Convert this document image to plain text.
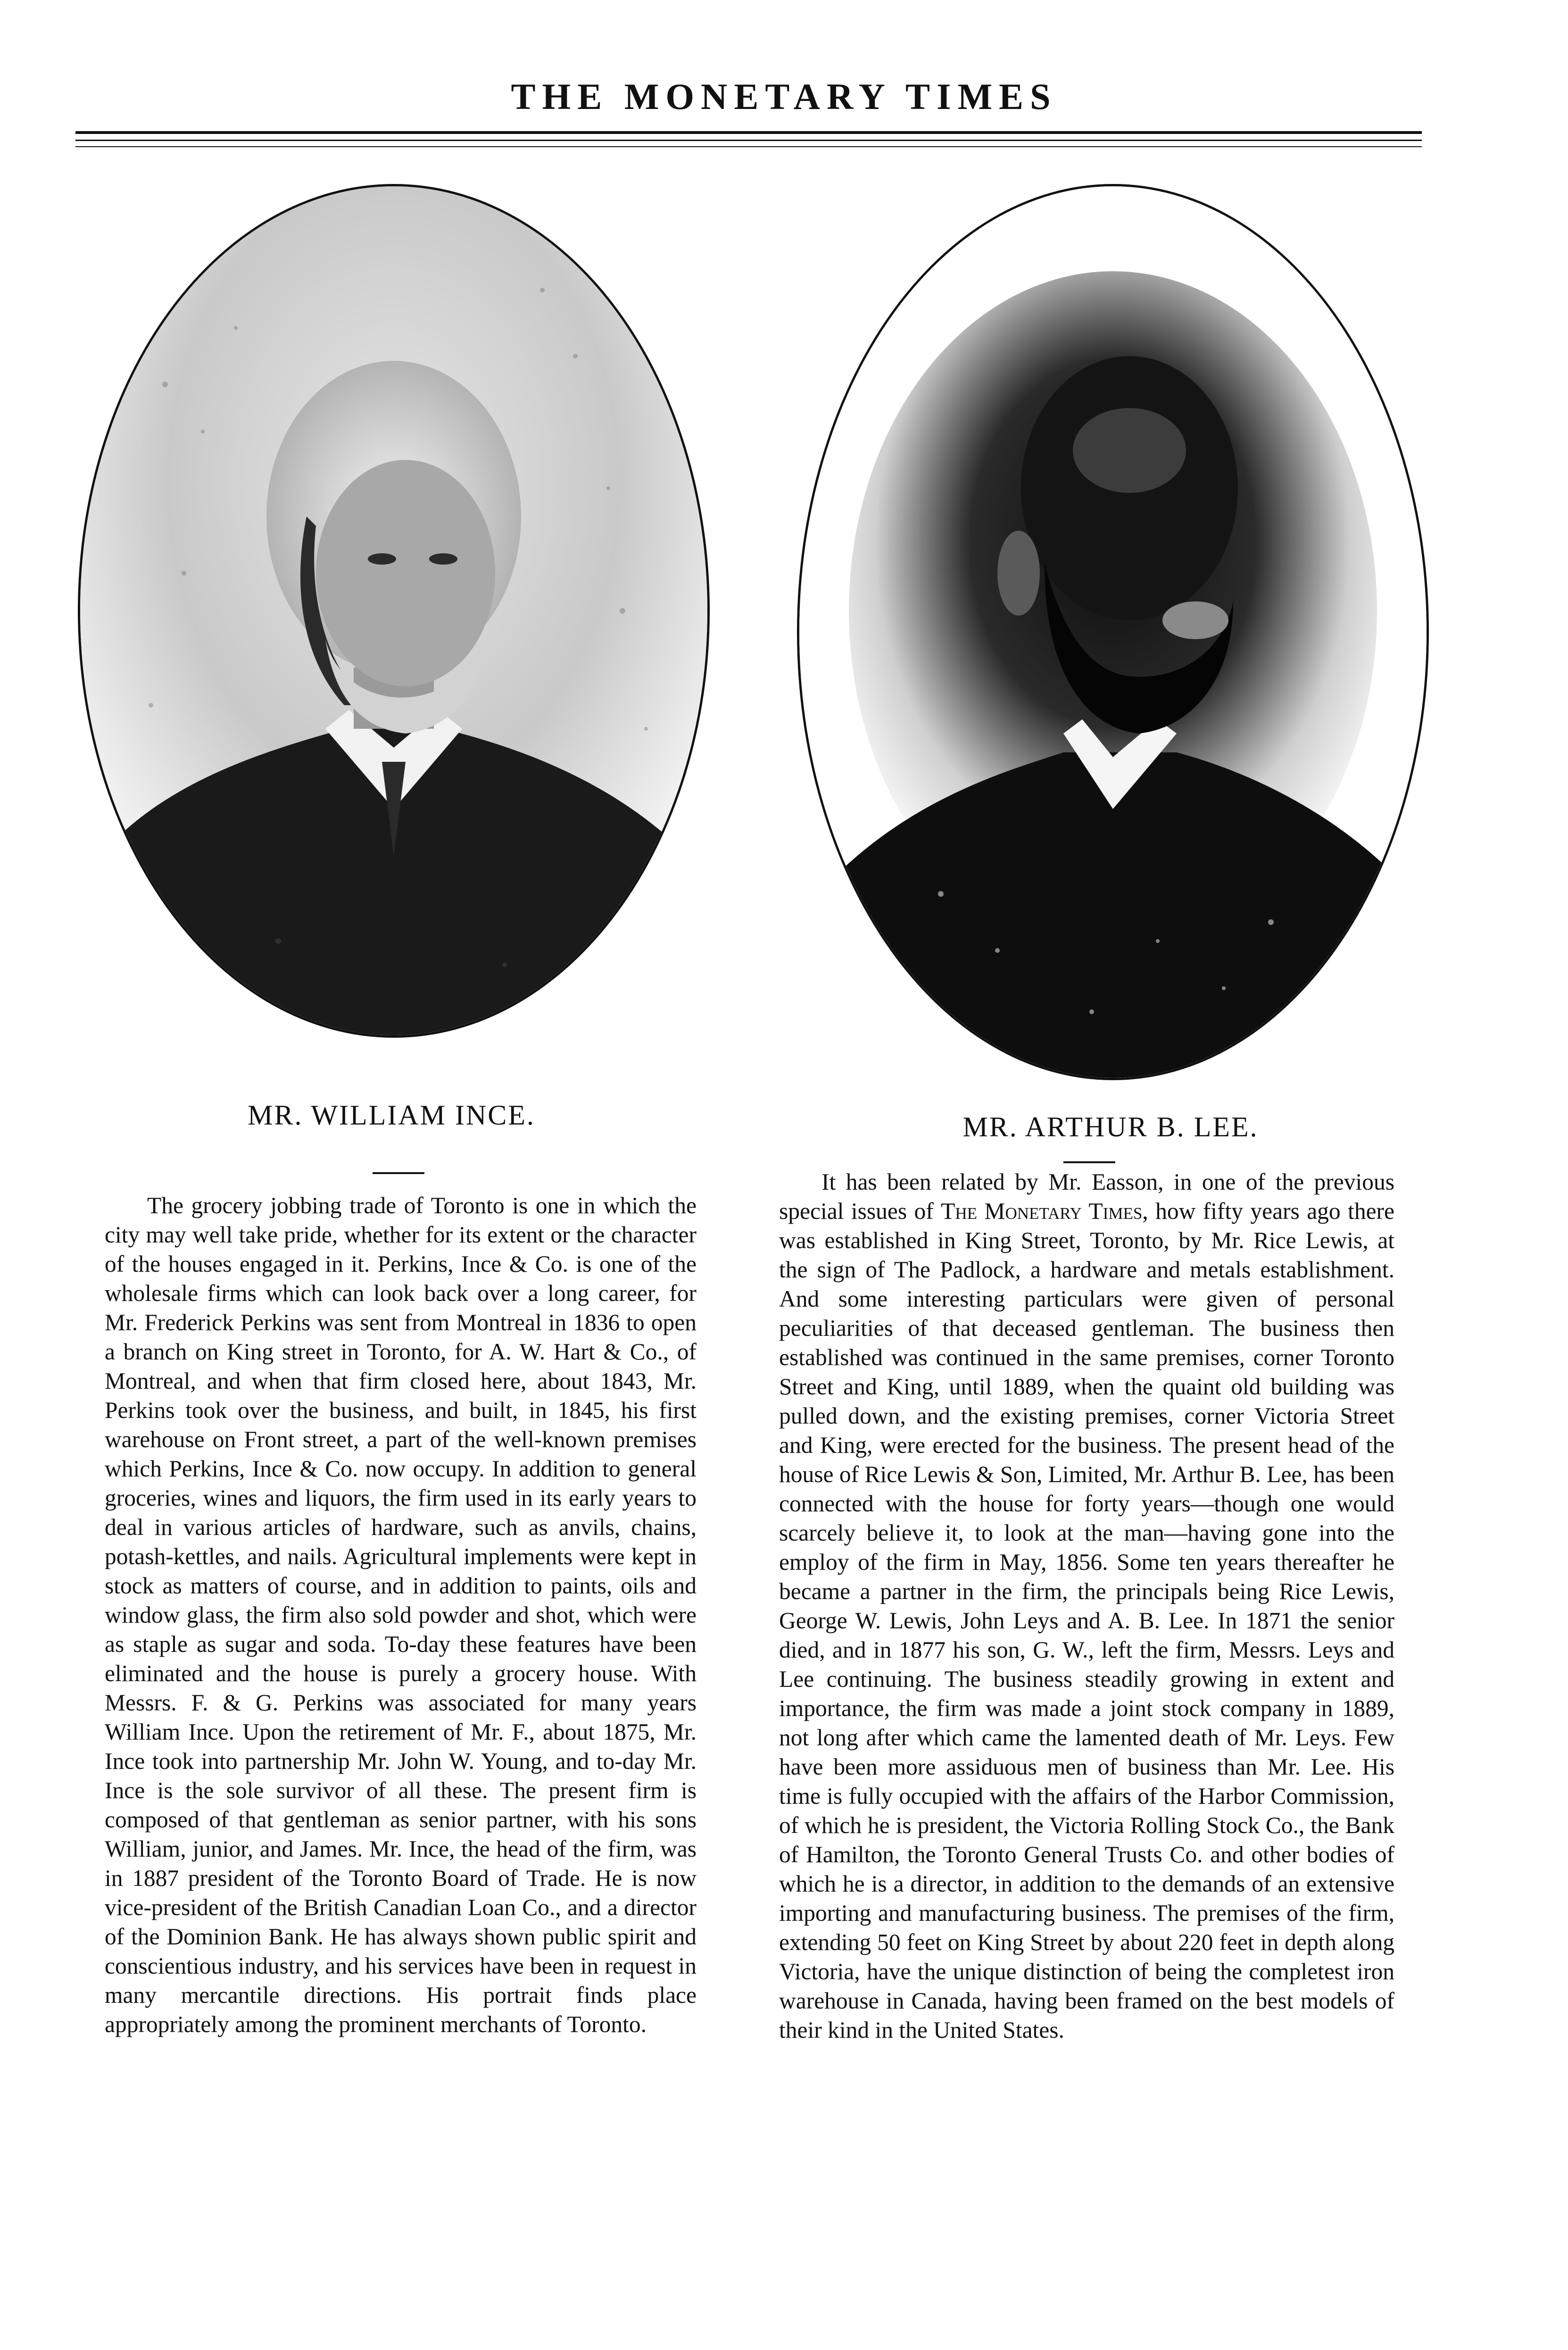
THE MONETARY TIMES
MR. WILLIAM INCE.	MR. ARTHUR B. LEE.

The grocery jobbing trade of Toronto is one in which the city may well take pride, whether for its extent or the character of the houses engaged in it. Perkins, Ince & Co. is one of the wholesale firms which can look back over a long career, for Mr. Frederick Perkins was sent from Montreal in 1836 to open a branch on King street in Toronto, for A. W. Hart & Co., of Montreal, and when that firm closed here, about 1843, Mr. Perkins took over the business, and built, in 1845, his first warehouse on Front street, a part of the well-known premises which Perkins, Ince & Co. now occupy. In addition to general groceries, wines and liquors, the firm used in its early years to deal in various articles of hardware, such as anvils, chains, potash-kettles, and nails. Agricultural implements were kept in stock as matters of course, and in addition to paints, oils and window glass, the firm also sold powder and shot, which were as staple as sugar and soda. To-day these features have been eliminated and the house is purely a grocery house. With Messrs. F. & G. Perkins was associated for many years William Ince. Upon the retirement of Mr. F., about 1875, Mr. Ince took into partnership Mr. John W. Young, and to-day Mr. Ince is the sole survivor of all these. The present firm is composed of that gentleman as senior partner, with his sons William, junior, and James. Mr. Ince, the head of the firm, was in 1887 president of the Toronto Board of Trade. He is now vice-president of the British Canadian Loan Co., and a director of the Dominion Bank. He has always shown public spirit and conscientious industry, and his services have been in request in many mercantile directions. His portrait finds place appropriately among the prominent merchants of Toronto.

It has been related by Mr. Easson, in one of the previous special issues of The Monetary Times, how fifty years ago there was established in King Street, Toronto, by Mr. Rice Lewis, at the sign of The Padlock, a hardware and metals establishment. And some interesting particulars were given of personal peculiarities of that deceased gentleman. The business then established was continued in the same premises, corner Toronto Street and King, until 1889, when the quaint old building was pulled down, and the existing premises, corner Victoria Street and King, were erected for the business. The present head of the house of Rice Lewis & Son, Limited, Mr. Arthur B. Lee, has been connected with the house for forty years—though one would scarcely believe it, to look at the man—having gone into the employ of the firm in May, 1856. Some ten years thereafter he became a partner in the firm, the principals being Rice Lewis, George W. Lewis, John Leys and A. B. Lee. In 1871 the senior died, and in 1877 his son, G. W., left the firm, Messrs. Leys and Lee continuing. The business steadily growing in extent and importance, the firm was made a joint stock company in 1889, not long after which came the lamented death of Mr. Leys. Few have been more assiduous men of business than Mr. Lee. His time is fully occupied with the affairs of the Harbor Commission, of which he is president, the Victoria Rolling Stock Co., the Bank of Hamilton, the Toronto General Trusts Co. and other bodies of which he is a director, in addition to the demands of an extensive importing and manufacturing business. The premises of the firm, extending 50 feet on King Street by about 220 feet in depth along Victoria, have the unique distinction of being the completest iron warehouse in Canada, having been framed on the best models of their kind in the United States.
